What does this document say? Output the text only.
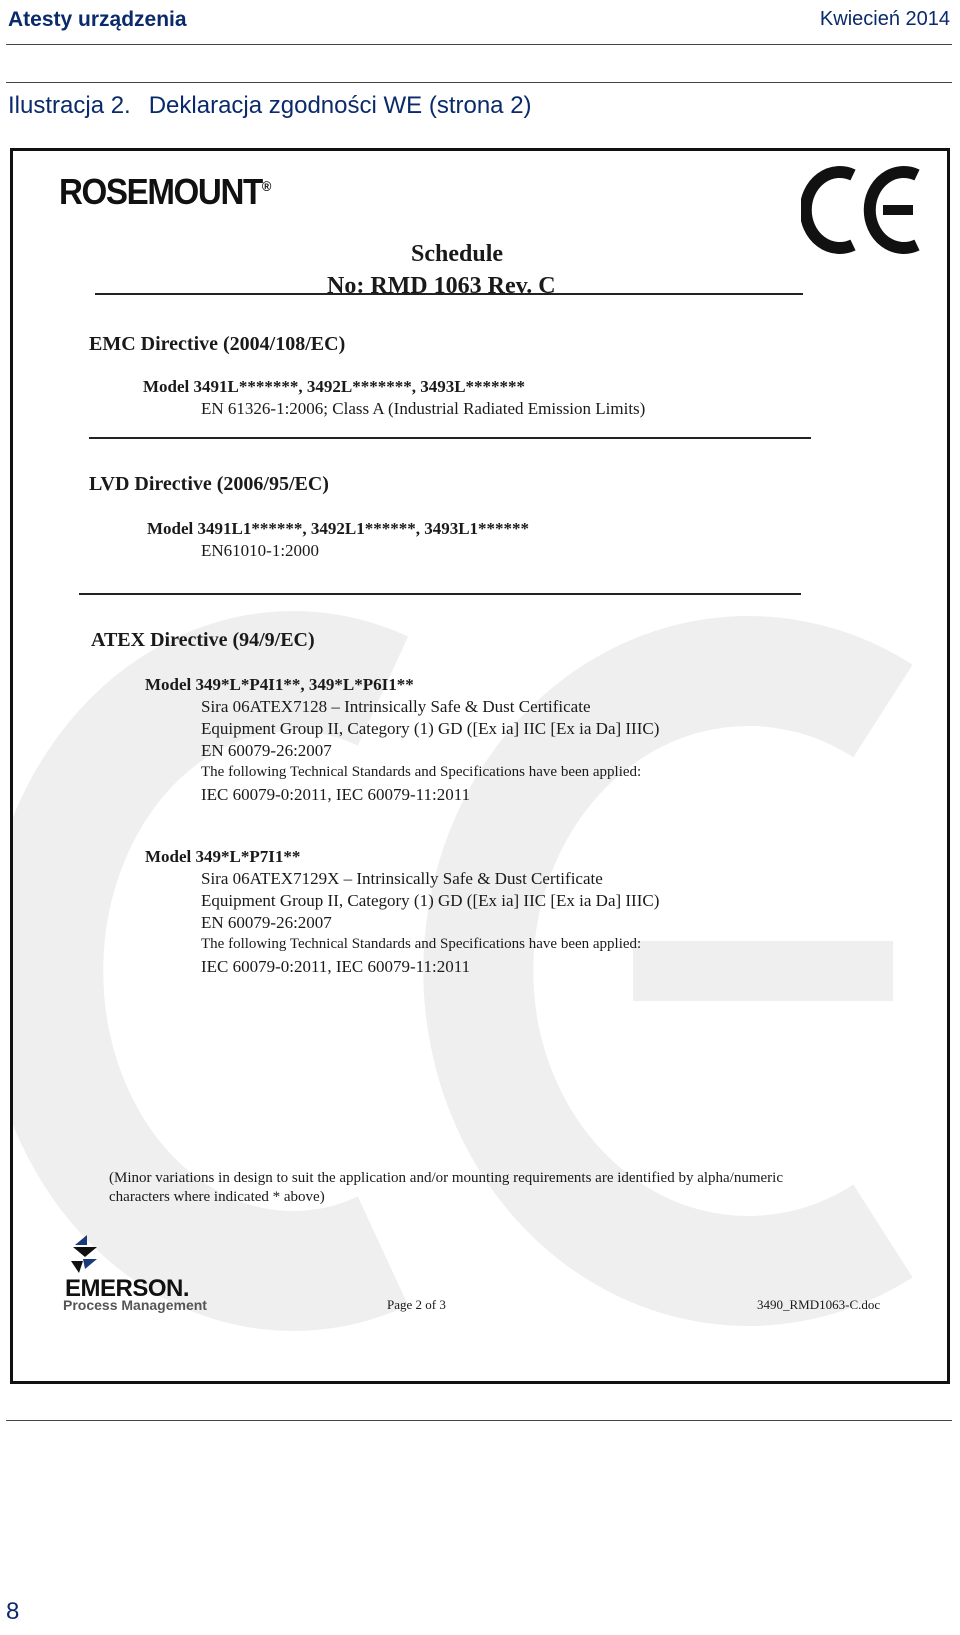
Atesty urządzenia	Kwiecień 2014
Ilustracja 2. Deklaracja zgodności WE (strona 2)
ROSEMOUNT®
Schedule
No: RMD 1063 Rev. C
EMC Directive (2004/108/EC)
Model 3491L*******, 3492L*******, 3493L*******
EN 61326-1:2006; Class A (Industrial Radiated Emission Limits)
LVD Directive (2006/95/EC)
Model 3491L1******, 3492L1******, 3493L1******
EN61010-1:2000
ATEX Directive (94/9/EC)
Model 349*L*P4I1**, 349*L*P6I1**
Sira 06ATEX7128 – Intrinsically Safe & Dust Certificate
Equipment Group II, Category (1) GD ([Ex ia] IIC [Ex ia Da] IIIC)
EN 60079-26:2007
The following Technical Standards and Specifications have been applied:
IEC 60079-0:2011, IEC 60079-11:2011
Model 349*L*P7I1**
Sira 06ATEX7129X – Intrinsically Safe & Dust Certificate
Equipment Group II, Category (1) GD ([Ex ia] IIC [Ex ia Da] IIIC)
EN 60079-26:2007
The following Technical Standards and Specifications have been applied:
IEC 60079-0:2011, IEC 60079-11:2011
(Minor variations in design to suit the application and/or mounting requirements are identified by alpha/numeric
characters where indicated * above)
EMERSON.
Process Management	Page 2 of 3	3490_RMD1063-C.doc
8
